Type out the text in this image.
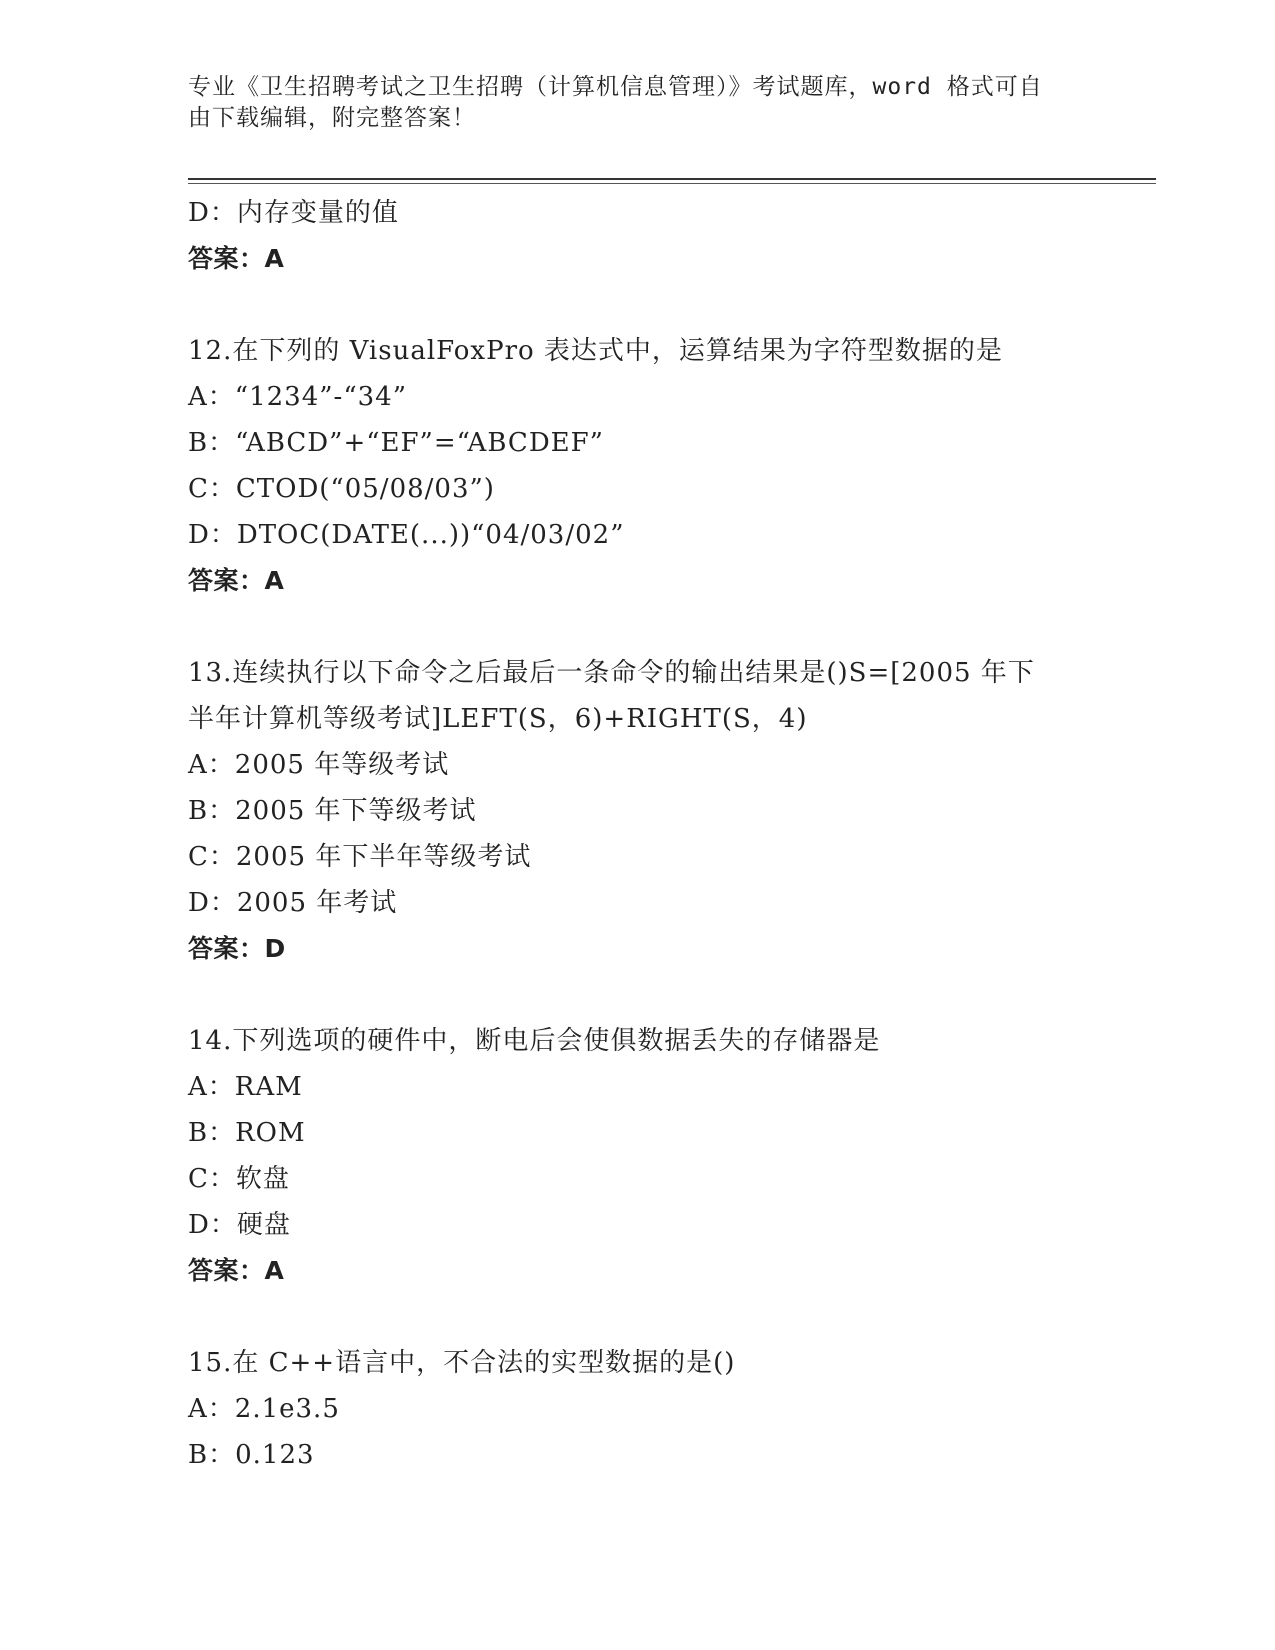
专业《卫生招聘考试之卫生招聘（计算机信息管理）》考试题库，word 格式可自
由下载编辑，附完整答案！
D：内存变量的值
答案：A
12.在下列的 VisualFoxPro 表达式中，运算结果为字符型数据的是
A：“1234”-“34”
B：“ABCD”+“EF”=“ABCDEF”
C：CTOD(“05/08/03”)
D：DTOC(DATE(...))“04/03/02”
答案：A
13.连续执行以下命令之后最后一条命令的输出结果是()S=[2005 年下
半年计算机等级考试]LEFT(S，6)+RIGHT(S，4)
A：2005 年等级考试
B：2005 年下等级考试
C：2005 年下半年等级考试
D：2005 年考试
答案：D
14.下列选项的硬件中，断电后会使俱数据丢失的存储器是
A：RAM
B：ROM
C：软盘
D：硬盘
答案：A
15.在 C++语言中，不合法的实型数据的是()
A：2.1e3.5
B：0.123
